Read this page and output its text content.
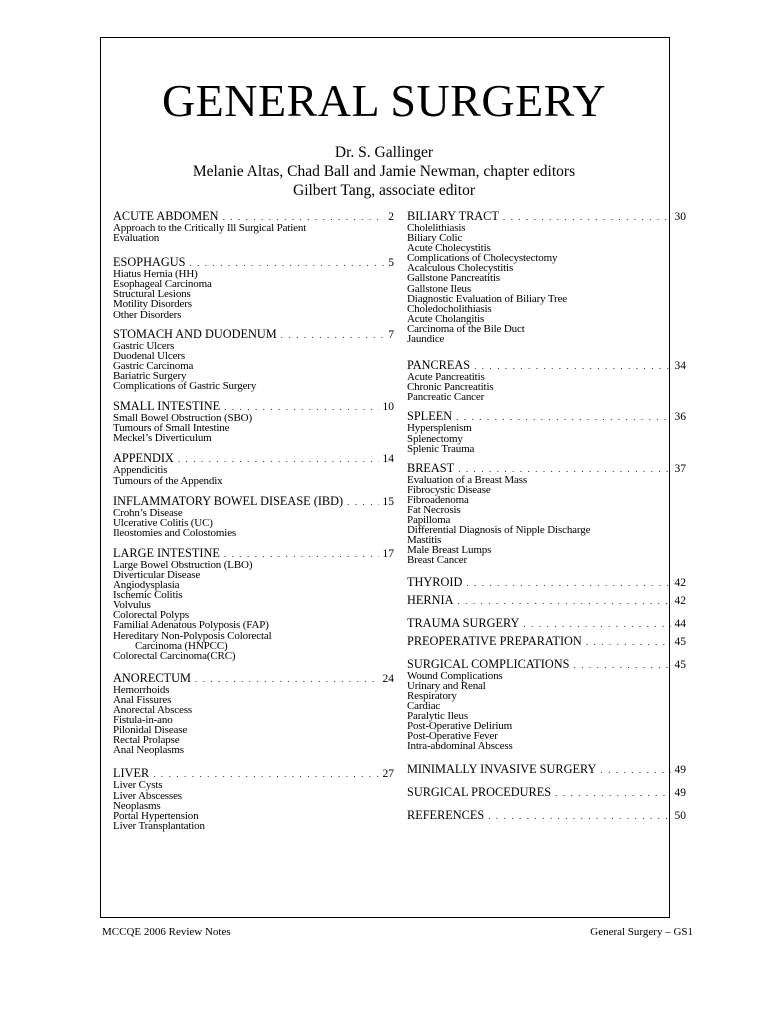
GENERAL SURGERY
Dr. S. Gallinger
Melanie Altas, Chad Ball and Jamie Newman, chapter editors
Gilbert Tang, associate editor
ACUTE ABDOMEN . . .	2
Approach to the Critically Ill Surgical Patient
Evaluation
ESOPHAGUS . . .	5
Hiatus Hernia (HH)
Esophageal Carcinoma
Structural Lesions
Motility Disorders
Other Disorders
STOMACH AND DUODENUM . . .	7
Gastric Ulcers
Duodenal Ulcers
Gastric Carcinoma
Bariatric Surgery
Complications of Gastric Surgery
SMALL INTESTINE . . .	10
Small Bowel Obstruction (SBO)
Tumours of Small Intestine
Meckel’s Diverticulum
APPENDIX . . .	14
Appendicitis
Tumours of the Appendix
INFLAMMATORY BOWEL DISEASE (IBD) . . .	15
Crohn’s Disease
Ulcerative Colitis (UC)
Ileostomies and Colostomies
LARGE INTESTINE . . .	17
Large Bowel Obstruction (LBO)
Diverticular Disease
Angiodysplasia
Ischemic Colitis
Volvulus
Colorectal Polyps
Familial Adenatous Polyposis (FAP)
Hereditary Non-Polyposis Colorectal
Carcinoma (HNPCC)
Colorectal Carcinoma(CRC)
ANORECTUM . . .	24
Hemorrhoids
Anal Fissures
Anorectal Abscess
Fistula-in-ano
Pilonidal Disease
Rectal Prolapse
Anal Neoplasms
LIVER . . .	27
Liver Cysts
Liver Abscesses
Neoplasms
Portal Hypertension
Liver Transplantation
BILIARY TRACT . . .	30
Cholelithiasis
Biliary Colic
Acute Cholecystitis
Complications of Cholecystectomy
Acalculous Cholecystitis
Gallstone Pancreatitis
Gallstone Ileus
Diagnostic Evaluation of Biliary Tree
Choledocholithiasis
Acute Cholangitis
Carcinoma of the Bile Duct
Jaundice
PANCREAS . . .	34
Acute Pancreatitis
Chronic Pancreatitis
Pancreatic Cancer
SPLEEN . . .	36
Hypersplenism
Splenectomy
Splenic Trauma
BREAST . . .	37
Evaluation of a Breast Mass
Fibrocystic Disease
Fibroadenoma
Fat Necrosis
Papilloma
Differential Diagnosis of Nipple Discharge
Mastitis
Male Breast Lumps
Breast Cancer
THYROID . . .	42
HERNIA . . .	42
TRAUMA SURGERY . . .	44
PREOPERATIVE PREPARATION . . .	45
SURGICAL COMPLICATIONS . . .	45
Wound Complications
Urinary and Renal
Respiratory
Cardiac
Paralytic Ileus
Post-Operative Delirium
Post-Operative Fever
Intra-abdominal Abscess
MINIMALLY INVASIVE SURGERY . . .	49
SURGICAL PROCEDURES . . .	49
REFERENCES . . .	50
MCCQE 2006 Review Notes	General Surgery – GS1
